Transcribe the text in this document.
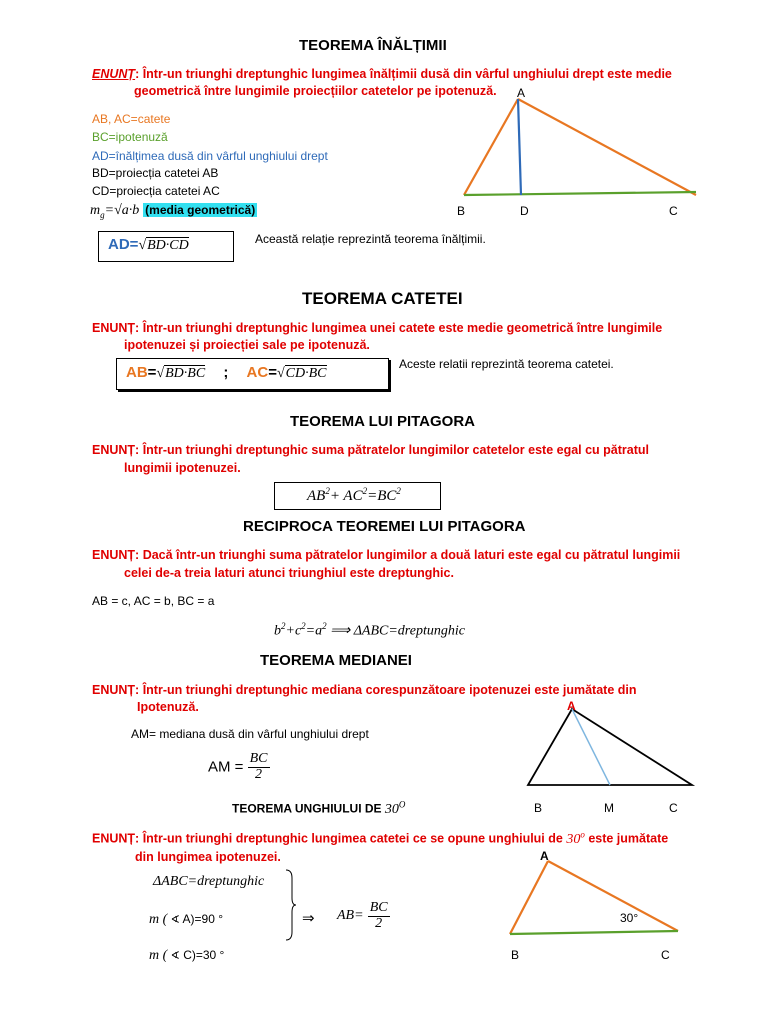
TEOREMA ÎNĂLȚIMII
ENUNȚ: Într-un triunghi dreptunghic lungimea înălțimii dusă din vârful unghiului drept este medie
geometrică între lungimile proiecțiilor catetelor pe ipotenuză.
AB, AC=catete
BC=ipotenuză
AD=înălțimea dusă din vârful unghiului drept
BD=proiecția catetei AB
CD=proiecția catetei AC
$m_g=√a\cdot b$ (media geometrică)
AD=√BD·CD	Această relație reprezintă teorema înălțimii.
A
B	D	C
TEOREMA CATETEI
ENUNȚ: Într-un triunghi dreptunghic lungimea unei catete este medie geometrică între lungimile
ipotenuzei și proiecției sale pe ipotenuză.
AB=√BD·BC ; AC=√CD·BC
Aceste relatii reprezintă teorema catetei.
TEOREMA LUI PITAGORA
ENUNȚ: Într-un triunghi dreptunghic suma pătratelor lungimilor catetelor este egal cu pătratul
lungimii ipotenuzei.
$AB^2+ AC^2=BC^2$
RECIPROCA TEOREMEI LUI PITAGORA
ENUNȚ: Dacă într-un triunghi suma pătratelor lungimilor a două laturi este egal cu pătratul lungimii
celei de-a treia laturi atunci triunghiul este dreptunghic.
AB = c, AC = b, BC = a
$b^2+c^2=a^2$ ⟹ ΔABC=dreptunghic
TEOREMA MEDIANEI
ENUNȚ: Într-un triunghi dreptunghic mediana corespunzătoare ipotenuzei este jumătate din
Ipotenuză.
AM= mediana dusă din vârful unghiului drept
AM = $\frac{BC}{2}$
A
B	M	C
TEOREMA UNGHIULUI DE $30^O$
ENUNȚ: Într-un triunghi dreptunghic lungimea catetei ce se opune unghiului de 30$^o$ este jumătate
din lungimea ipotenuzei.
ΔABC=dreptunghic
m ( ∢ A)=90 °
m ( ∢ C)=30 °
⇒ $AB= \frac{BC}{2}$
A
30°
B	C
